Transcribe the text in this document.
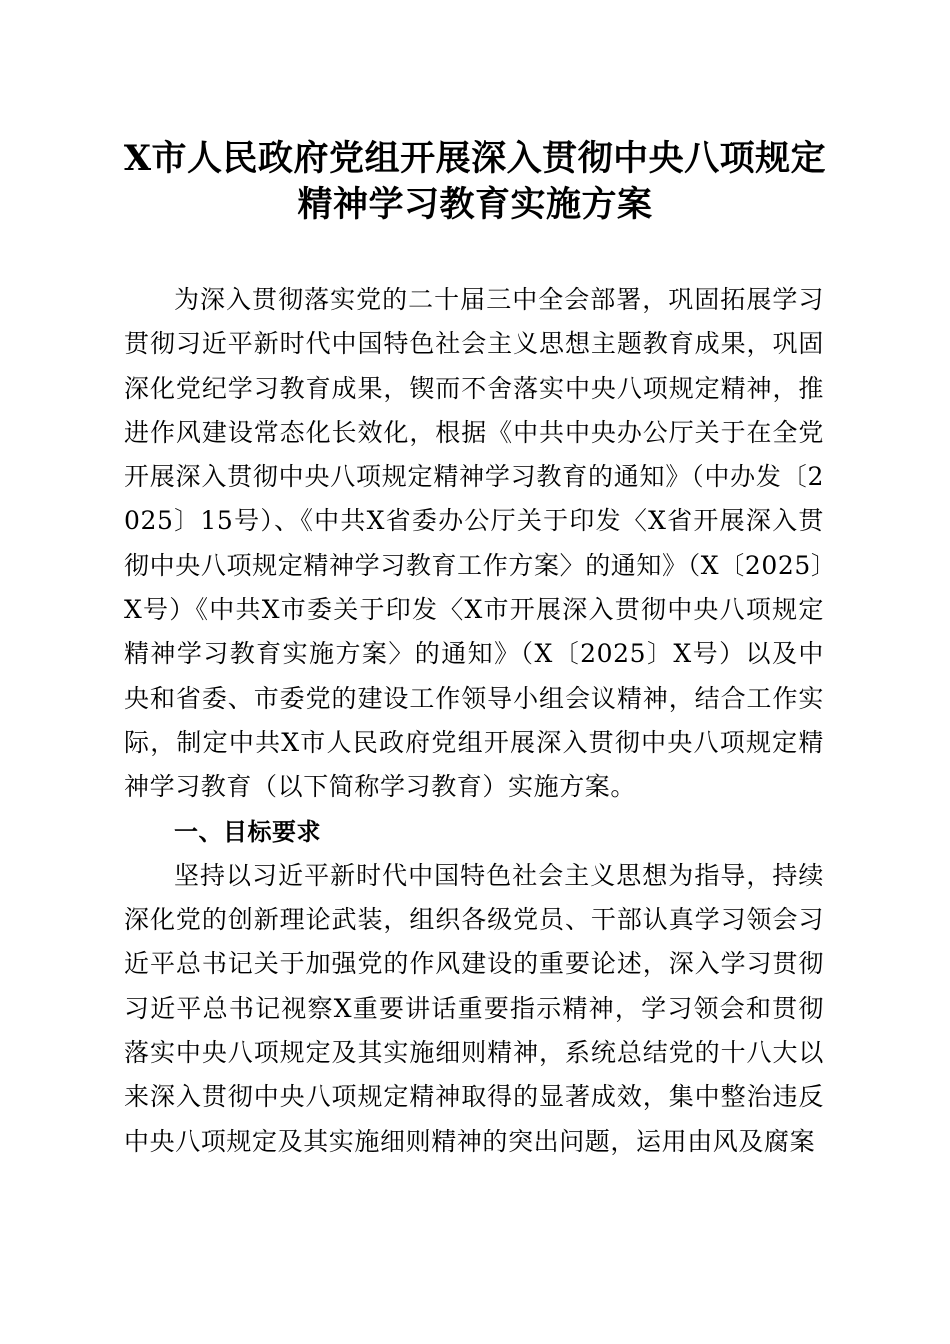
X市人民政府党组开展深入贯彻中央八项规定
精神学习教育实施方案

为深入贯彻落实党的二十届三中全会部署，巩固拓展学习贯彻习近平新时代中国特色社会主义思想主题教育成果，巩固深化党纪学习教育成果，锲而不舍落实中央八项规定精神，推进作风建设常态化长效化，根据《中共中央办公厅关于在全党开展深入贯彻中央八项规定精神学习教育的通知》（中办发〔2025〕15号）、《中共X省委办公厅关于印发〈X省开展深入贯彻中央八项规定精神学习教育工作方案〉的通知》（X〔2025〕X号）《中共X市委关于印发〈X市开展深入贯彻中央八项规定精神学习教育实施方案〉的通知》（X〔2025〕X号）以及中央和省委、市委党的建设工作领导小组会议精神，结合工作实际，制定中共X市人民政府党组开展深入贯彻中央八项规定精神学习教育（以下简称学习教育）实施方案。

一、目标要求

坚持以习近平新时代中国特色社会主义思想为指导，持续深化党的创新理论武装，组织各级党员、干部认真学习领会习近平总书记关于加强党的作风建设的重要论述，深入学习贯彻习近平总书记视察X重要讲话重要指示精神，学习领会和贯彻落实中央八项规定及其实施细则精神，系统总结党的十八大以来深入贯彻中央八项规定精神取得的显著成效，集中整治违反中央八项规定及其实施细则精神的突出问题，运用由风及腐案
